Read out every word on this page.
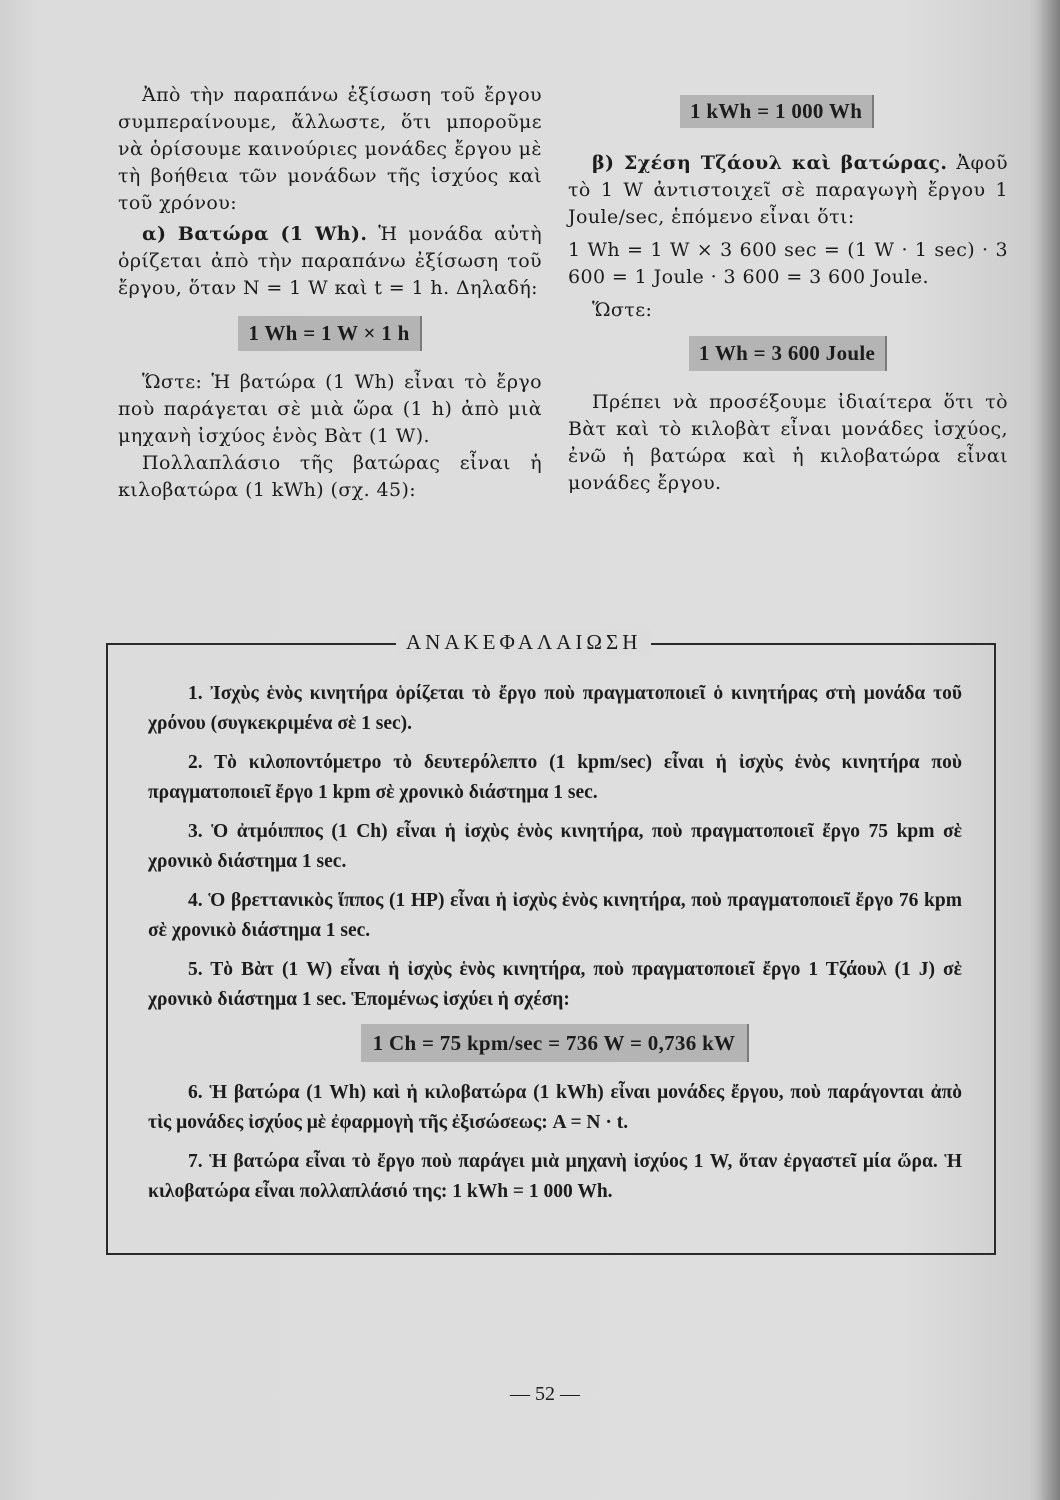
1 kWh = 1 000 Wh

Ἀπὸ τὴν παραπάνω ἐξίσωση τοῦ ἔργου συμπεραίνουμε, ἄλλωστε, ὅτι μποροῦμε νὰ ὁρίσουμε καινούριες μονάδες ἔργου μὲ τὴ βοήθεια τῶν μονάδων τῆς ἰσχύος καὶ τοῦ χρόνου:

α) Βατώρα (1 Wh). Ἡ μονάδα αὐτὴ ὁρίζεται ἀπὸ τὴν παραπάνω ἐξίσωση τοῦ ἔργου, ὅταν N = 1 W καὶ t = 1 h. Δηλαδή:

1 Wh = 1 W × 1 h

Ὥστε: Ἡ βατώρα (1 Wh) εἶναι τὸ ἔργο ποὺ παράγεται σὲ μιὰ ὥρα (1 h) ἀπὸ μιὰ μηχανὴ ἰσχύος ἑνὸς Βὰτ (1 W).

Πολλαπλάσιο τῆς βατώρας εἶναι ἡ κιλοβατώρα (1 kWh) (σχ. 45):

β) Σχέση Τζάουλ καὶ βατώρας. Ἀφοῦ τὸ 1 W ἀντιστοιχεῖ σὲ παραγωγὴ ἔργου 1 Joule/sec, ἑπόμενο εἶναι ὅτι:

1 Wh = 1 W × 3 600 sec = (1 W · 1 sec) · 3 600 = 1 Joule · 3 600 = 3 600 Joule.

Ὥστε:

1 Wh = 3 600 Joule

Πρέπει νὰ προσέξουμε ἰδιαίτερα ὅτι τὸ Βὰτ καὶ τὸ κιλοβὰτ εἶναι μονάδες ἰσχύος, ἐνῶ ἡ βατώρα καὶ ἡ κιλοβατώρα εἶναι μονάδες ἔργου.

ΑΝΑΚΕΦΑΛΑΙΩΣΗ

1. Ἰσχὺς ἑνὸς κινητήρα ὁρίζεται τὸ ἔργο ποὺ πραγματοποιεῖ ὁ κινητήρας στὴ μονάδα τοῦ χρόνου (συγκεκριμένα σὲ 1 sec).

2. Τὸ κιλοποντόμετρο τὸ δευτερόλεπτο (1 kpm/sec) εἶναι ἡ ἰσχὺς ἑνὸς κινητήρα ποὺ πραγματοποιεῖ ἔργο 1 kpm σὲ χρονικὸ διάστημα 1 sec.

3. Ὁ ἀτμόιππος (1 Ch) εἶναι ἡ ἰσχὺς ἑνὸς κινητήρα, ποὺ πραγματοποιεῖ ἔργο 75 kpm σὲ χρονικὸ διάστημα 1 sec.

4. Ὁ βρεττανικὸς ἵππος (1 HP) εἶναι ἡ ἰσχὺς ἑνὸς κινητήρα, ποὺ πραγματοποιεῖ ἔργο 76 kpm σὲ χρονικὸ διάστημα 1 sec.

5. Τὸ Βὰτ (1 W) εἶναι ἡ ἰσχὺς ἑνὸς κινητήρα, ποὺ πραγματοποιεῖ ἔργο 1 Τζάουλ (1 J) σὲ χρονικὸ διάστημα 1 sec. Ἑπομένως ἰσχύει ἡ σχέση:

1 Ch = 75 kpm/sec = 736 W = 0,736 kW

6. Ἡ βατώρα (1 Wh) καὶ ἡ κιλοβατώρα (1 kWh) εἶναι μονάδες ἔργου, ποὺ παράγονται ἀπὸ τὶς μονάδες ἰσχύος μὲ ἐφαρμογὴ τῆς ἐξισώσεως: A = N · t.

7. Ἡ βατώρα εἶναι τὸ ἔργο ποὺ παράγει μιὰ μηχανὴ ἰσχύος 1 W, ὅταν ἐργαστεῖ μία ὥρα. Ἡ κιλοβατώρα εἶναι πολλαπλάσιό της: 1 kWh = 1 000 Wh.

— 52 —
